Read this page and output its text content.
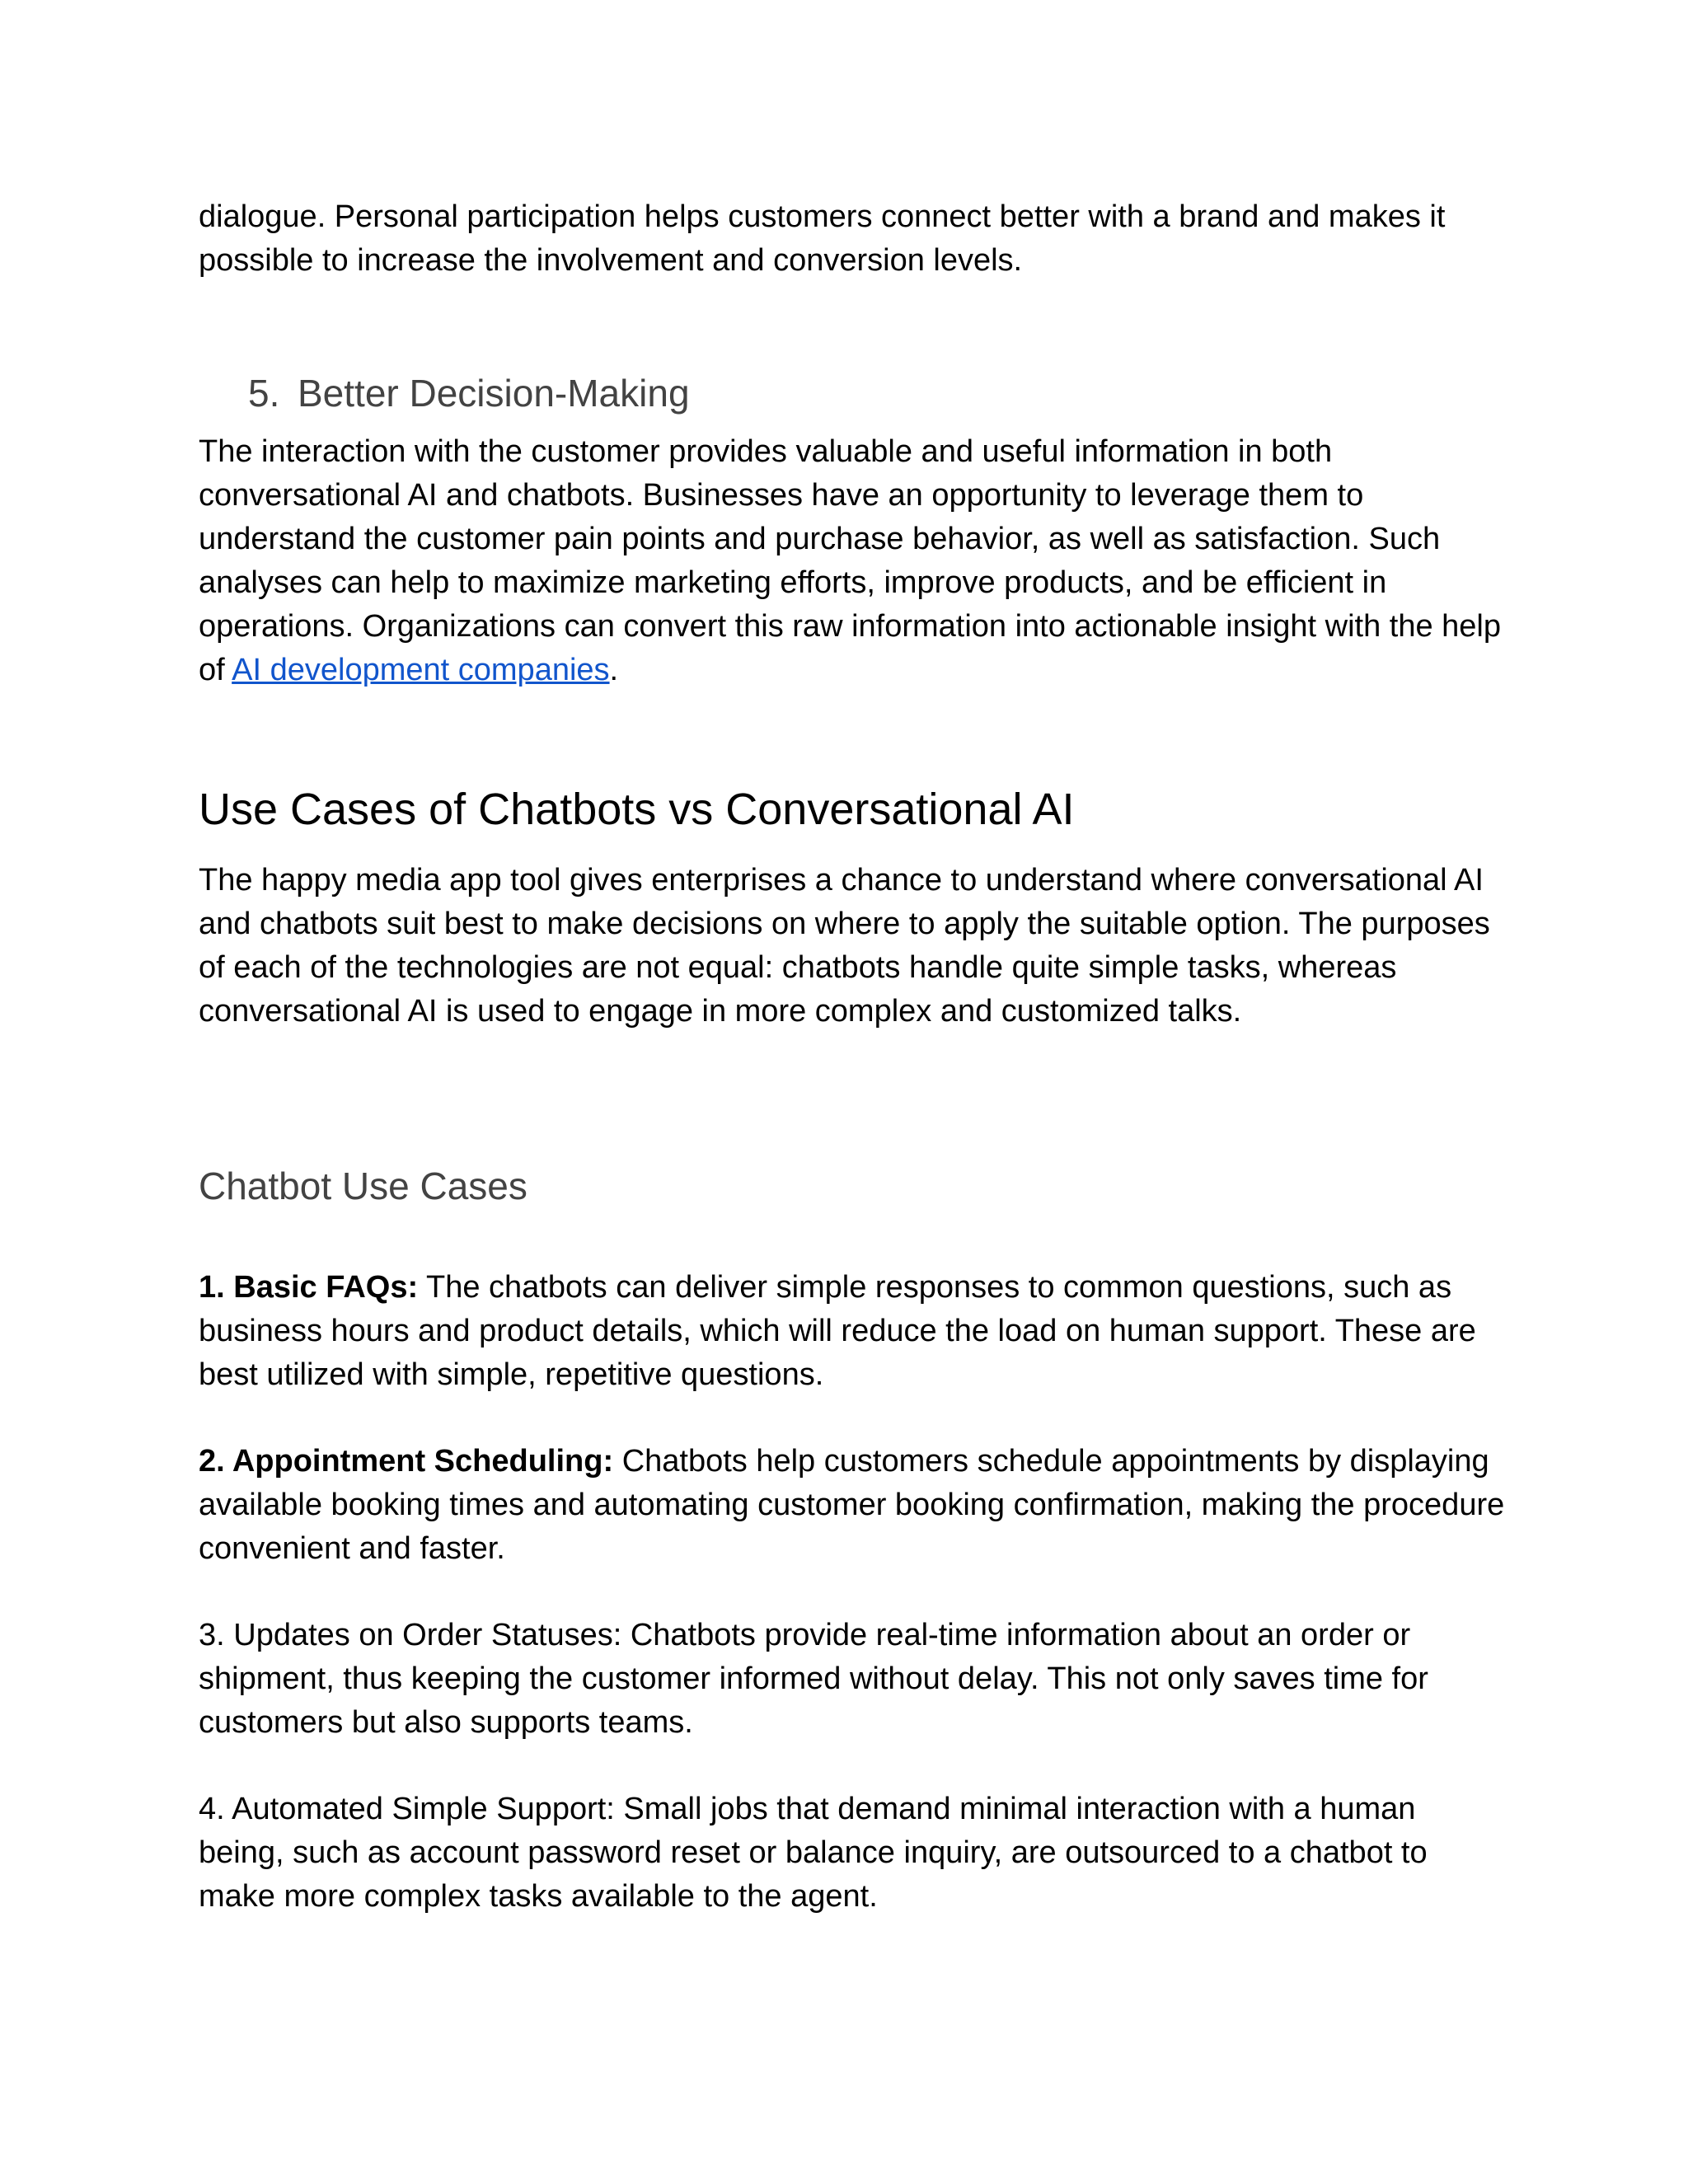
dialogue. Personal participation helps customers connect better with a brand and makes it possible to increase the involvement and conversion levels.

5. Better Decision-Making

The interaction with the customer provides valuable and useful information in both conversational AI and chatbots. Businesses have an opportunity to leverage them to understand the customer pain points and purchase behavior, as well as satisfaction. Such analyses can help to maximize marketing efforts, improve products, and be efficient in operations. Organizations can convert this raw information into actionable insight with the help of AI development companies.

Use Cases of Chatbots vs Conversational AI

The happy media app tool gives enterprises a chance to understand where conversational AI and chatbots suit best to make decisions on where to apply the suitable option. The purposes of each of the technologies are not equal: chatbots handle quite simple tasks, whereas conversational AI is used to engage in more complex and customized talks.

Chatbot Use Cases

1. Basic FAQs: The chatbots can deliver simple responses to common questions, such as business hours and product details, which will reduce the load on human support. These are best utilized with simple, repetitive questions.

2. Appointment Scheduling: Chatbots help customers schedule appointments by displaying available booking times and automating customer booking confirmation, making the procedure convenient and faster.

3. Updates on Order Statuses: Chatbots provide real-time information about an order or shipment, thus keeping the customer informed without delay. This not only saves time for customers but also supports teams.

4. Automated Simple Support: Small jobs that demand minimal interaction with a human being, such as account password reset or balance inquiry, are outsourced to a chatbot to make more complex tasks available to the agent.
